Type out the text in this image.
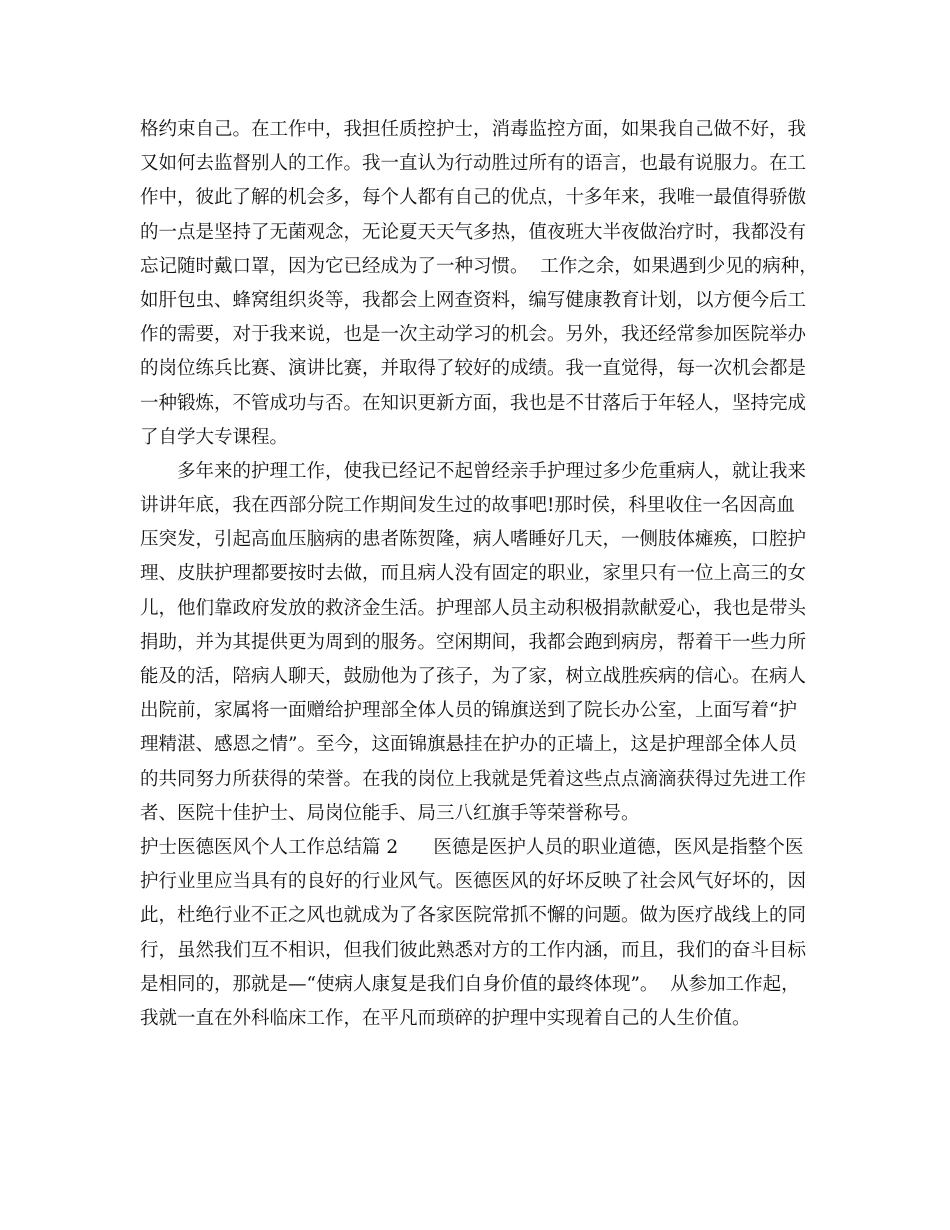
格约束自己。在工作中，我担任质控护士，消毒监控方面，如果我自己做不好，我
又如何去监督别人的工作。我一直认为行动胜过所有的语言，也最有说服力。在工
作中，彼此了解的机会多，每个人都有自己的优点，十多年来，我唯一最值得骄傲
的一点是坚持了无菌观念，无论夏天天气多热，值夜班大半夜做治疗时，我都没有
忘记随时戴口罩，因为它已经成为了一种习惯。  工作之余，如果遇到少见的病种，
如肝包虫、蜂窝组织炎等，我都会上网查资料，编写健康教育计划，以方便今后工
作的需要，对于我来说，也是一次主动学习的机会。另外，我还经常参加医院举办
的岗位练兵比赛、演讲比赛，并取得了较好的成绩。我一直觉得，每一次机会都是
一种锻炼，不管成功与否。在知识更新方面，我也是不甘落后于年轻人，坚持完成
了自学大专课程。
多年来的护理工作，使我已经记不起曾经亲手护理过多少危重病人，就让我来
讲讲年底，我在西部分院工作期间发生过的故事吧!那时侯，科里收住一名因高血
压突发，引起高血压脑病的患者陈贺隆，病人嗜睡好几天，一侧肢体瘫痪，口腔护
理、皮肤护理都要按时去做，而且病人没有固定的职业，家里只有一位上高三的女
儿，他们靠政府发放的救济金生活。护理部人员主动积极捐款献爱心，我也是带头
捐助，并为其提供更为周到的服务。空闲期间，我都会跑到病房，帮着干一些力所
能及的活，陪病人聊天，鼓励他为了孩子，为了家，树立战胜疾病的信心。在病人
出院前，家属将一面赠给护理部全体人员的锦旗送到了院长办公室，上面写着“护
理精湛、感恩之情”。至今，这面锦旗悬挂在护办的正墙上，这是护理部全体人员
的共同努力所获得的荣誉。在我的岗位上我就是凭着这些点点滴滴获得过先进工作
者、医院十佳护士、局岗位能手、局三八红旗手等荣誉称号。
护士医德医风个人工作总结篇 2      医德是医护人员的职业道德，医风是指整个医
护行业里应当具有的良好的行业风气。医德医风的好坏反映了社会风气好坏的，因
此，杜绝行业不正之风也就成为了各家医院常抓不懈的问题。做为医疗战线上的同
行，虽然我们互不相识，但我们彼此熟悉对方的工作内涵，而且，我们的奋斗目标
是相同的，那就是—“使病人康复是我们自身价值的最终体现”。  从参加工作起，
我就一直在外科临床工作，在平凡而琐碎的护理中实现着自己的人生价值。
